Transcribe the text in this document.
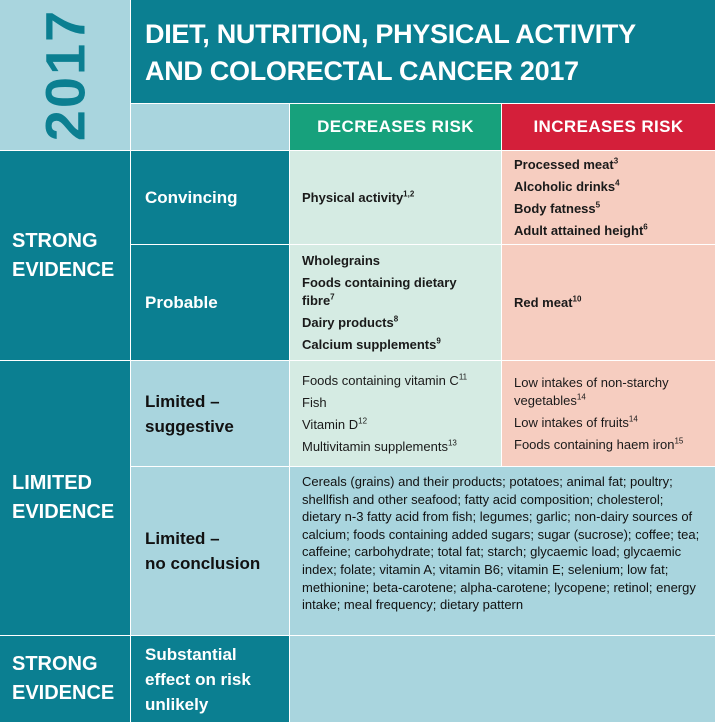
2017 DIET, NUTRITION, PHYSICAL ACTIVITY
AND COLORECTAL CANCER 2017
DECREASES RISK	INCREASES RISK
STRONG
EVIDENCE
LIMITED
EVIDENCE
STRONG
EVIDENCE
Convincing
Probable
Limited –
suggestive
Limited –
no conclusion
Substantial
effect on risk
unlikely
Physical activity$^{1,2}$
Processed meat$^3$
Alcoholic drinks$^4$
Body fatness$^5$
Adult attained height$^6$
Wholegrains
Foods containing dietary fibre$^7$
Dairy products$^8$
Calcium supplements$^9$
Red meat$^{10}$
Foods containing vitamin $C^{11}$
Fish
Vitamin $D^{12}$
Multivitamin supplements$^{13}$
Low intakes of non-starchy vegetables$^{14}$
Low intakes of fruits$^{14}$
Foods containing haem iron$^{15}$
Cereals (grains) and their products; potatoes; animal fat; poultry; shellfish and other seafood; fatty acid composition; cholesterol; dietary n-3 fatty acid from fish; legumes; garlic; non-dairy sources of calcium; foods containing added sugars; sugar (sucrose); coffee; tea; caffeine; carbohydrate; total fat; starch; glycaemic load; glycaemic index; folate; vitamin A; vitamin B6; vitamin E; selenium; low fat; methionine; beta-carotene; alpha-carotene; lycopene; retinol; energy intake; meal frequency; dietary pattern
